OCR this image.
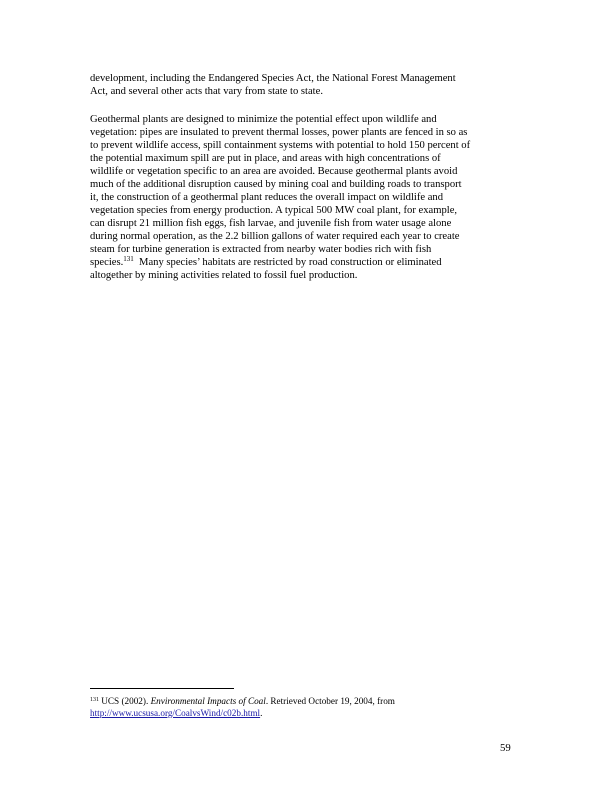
development, including the Endangered Species Act, the National Forest Management
Act, and several other acts that vary from state to state.
Geothermal plants are designed to minimize the potential effect upon wildlife and
vegetation: pipes are insulated to prevent thermal losses, power plants are fenced in so as
to prevent wildlife access, spill containment systems with potential to hold 150 percent of
the potential maximum spill are put in place, and areas with high concentrations of
wildlife or vegetation specific to an area are avoided. Because geothermal plants avoid
much of the additional disruption caused by mining coal and building roads to transport
it, the construction of a geothermal plant reduces the overall impact on wildlife and
vegetation species from energy production. A typical 500 MW coal plant, for example,
can disrupt 21 million fish eggs, fish larvae, and juvenile fish from water usage alone
during normal operation, as the 2.2 billion gallons of water required each year to create
steam for turbine generation is extracted from nearby water bodies rich with fish
species.$^{131}$  Many species’ habitats are restricted by road construction or eliminated
altogether by mining activities related to fossil fuel production.
$^{131}$ UCS (2002). Environmental Impacts of Coal. Retrieved October 19, 2004, from
http://www.ucsusa.org/CoalvsWind/c02b.html.
59
